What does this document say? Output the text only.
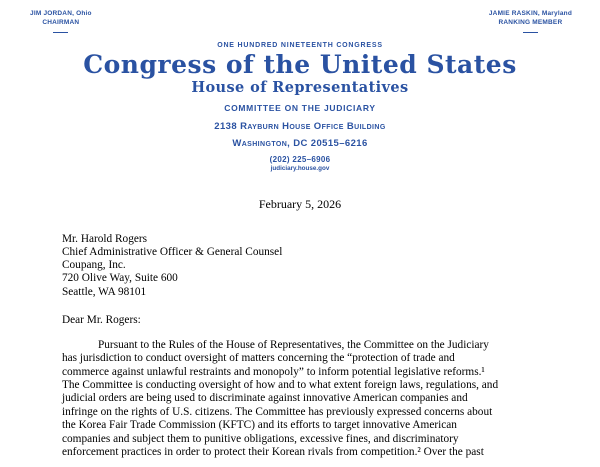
JIM JORDAN, Ohio
CHAIRMAN
JAMIE RASKIN, Maryland
RANKING MEMBER
ONE HUNDRED NINETEENTH CONGRESS
Congress of the United States
House of Representatives
COMMITTEE ON THE JUDICIARY
2138 Rayburn House Office Building
Washington, DC 20515–6216
(202) 225–6906
judiciary.house.gov
February 5, 2026
Mr. Harold Rogers
Chief Administrative Officer & General Counsel
Coupang, Inc.
720 Olive Way, Suite 600
Seattle, WA 98101
Dear Mr. Rogers:
Pursuant to the Rules of the House of Representatives, the Committee on the Judiciary
has jurisdiction to conduct oversight of matters concerning the “protection of trade and
commerce against unlawful restraints and monopoly” to inform potential legislative reforms.¹
The Committee is conducting oversight of how and to what extent foreign laws, regulations, and
judicial orders are being used to discriminate against innovative American companies and
infringe on the rights of U.S. citizens. The Committee has previously expressed concerns about
the Korea Fair Trade Commission (KFTC) and its efforts to target innovative American
companies and subject them to punitive obligations, excessive fines, and discriminatory
enforcement practices in order to protect their Korean rivals from competition.² Over the past
